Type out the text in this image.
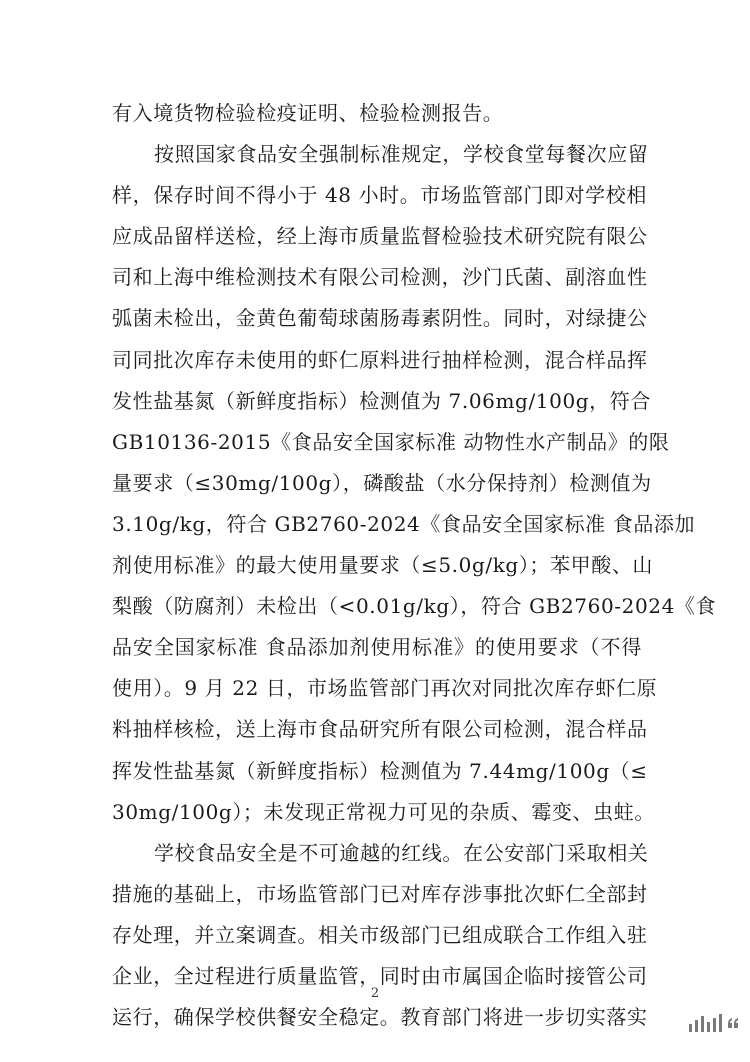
有入境货物检验检疫证明、检验检测报告。
按照国家食品安全强制标准规定，学校食堂每餐次应留
样，保存时间不得小于 48 小时。市场监管部门即对学校相
应成品留样送检，经上海市质量监督检验技术研究院有限公
司和上海中维检测技术有限公司检测，沙门氏菌、副溶血性
弧菌未检出，金黄色葡萄球菌肠毒素阴性。同时，对绿捷公
司同批次库存未使用的虾仁原料进行抽样检测，混合样品挥
发性盐基氮（新鲜度指标）检测值为 7.06mg/100g，符合
GB10136-2015《食品安全国家标准 动物性水产制品》的限
量要求（≤30mg/100g），磷酸盐（水分保持剂）检测值为
3.10g/kg，符合 GB2760-2024《食品安全国家标准 食品添加
剂使用标准》的最大使用量要求（≤5.0g/kg）；苯甲酸、山
梨酸（防腐剂）未检出（<0.01g/kg），符合 GB2760-2024《食
品安全国家标准 食品添加剂使用标准》的使用要求（不得
使用）。9 月 22 日，市场监管部门再次对同批次库存虾仁原
料抽样核检，送上海市食品研究所有限公司检测，混合样品
挥发性盐基氮（新鲜度指标）检测值为 7.44mg/100g（≤
30mg/100g）；未发现正常视力可见的杂质、霉变、虫蛀。
学校食品安全是不可逾越的红线。在公安部门采取相关
措施的基础上，市场监管部门已对库存涉事批次虾仁全部封
存处理，并立案调查。相关市级部门已组成联合工作组入驻
企业，全过程进行质量监管，同时由市属国企临时接管公司
运行，确保学校供餐安全稳定。教育部门将进一步切实落实
2
